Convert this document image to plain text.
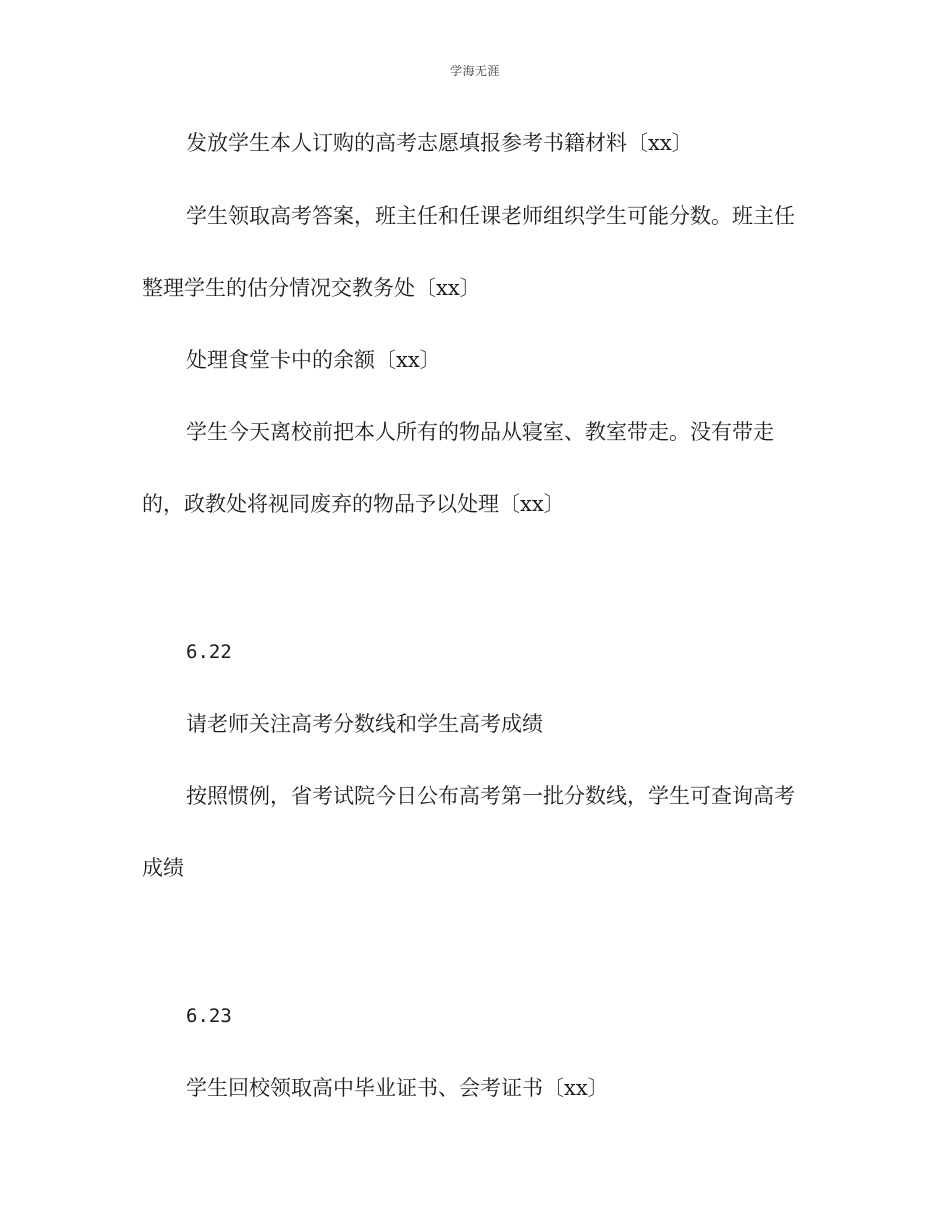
学海无涯

发放学生本人订购的高考志愿填报参考书籍材料〔xx〕

学生领取高考答案，班主任和任课老师组织学生可能分数。班主任整理学生的估分情况交教务处〔xx〕

处理食堂卡中的余额〔xx〕

学生今天离校前把本人所有的物品从寝室、教室带走。没有带走的，政教处将视同废弃的物品予以处理〔xx〕

6.22

请老师关注高考分数线和学生高考成绩

按照惯例，省考试院今日公布高考第一批分数线，学生可查询高考成绩

6.23

学生回校领取高中毕业证书、会考证书〔xx〕
